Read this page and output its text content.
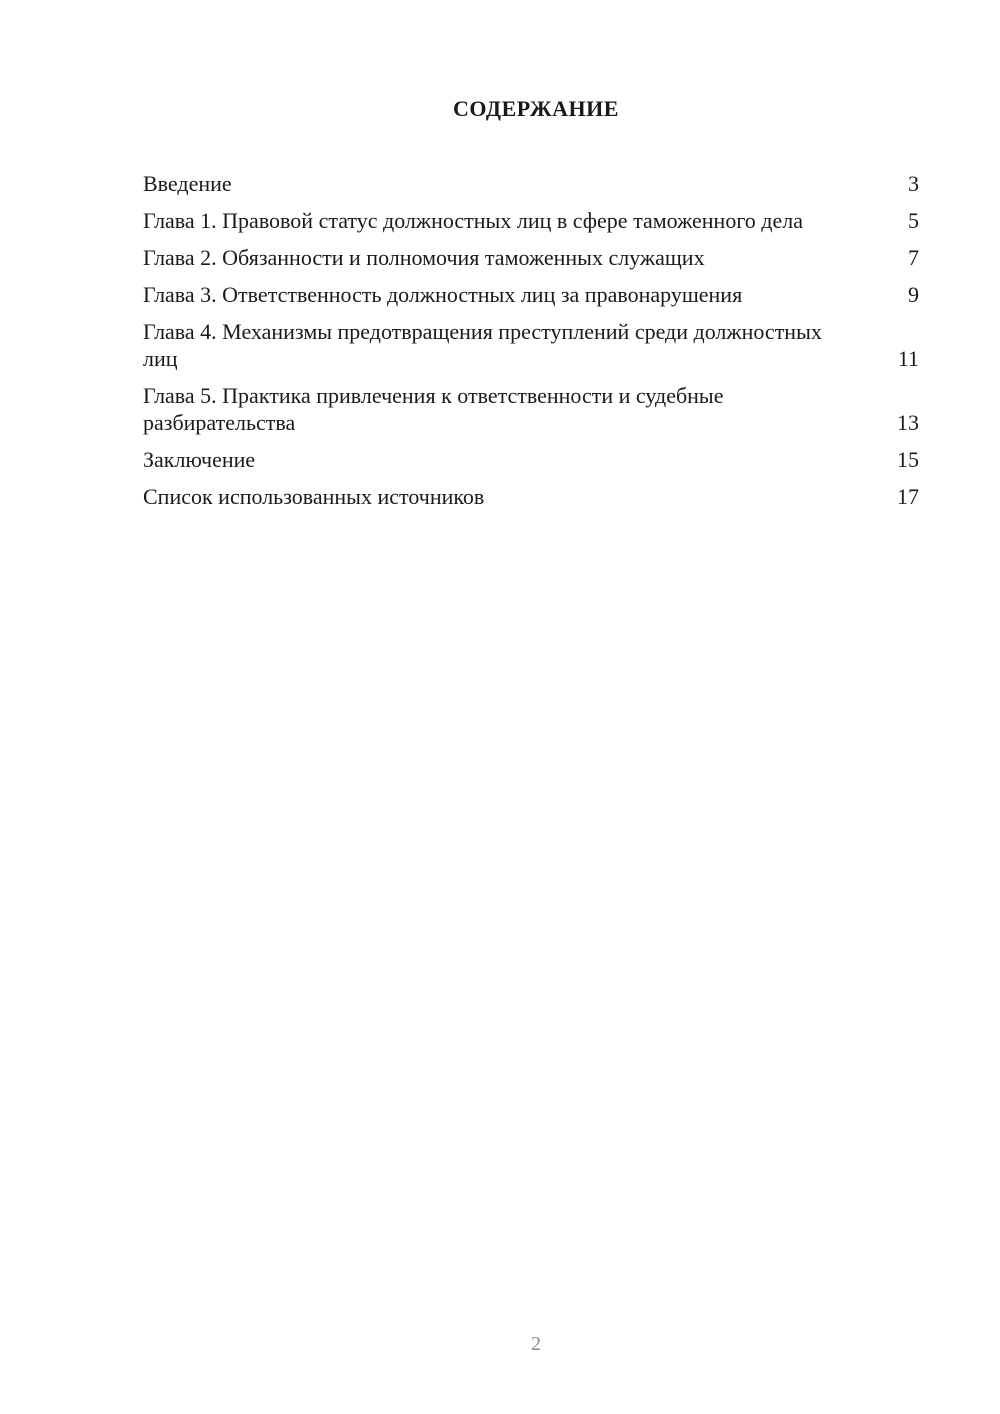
СОДЕРЖАНИЕ
Введение	3
Глава 1. Правовой статус должностных лиц в сфере таможенного дела	5
Глава 2. Обязанности и полномочия таможенных служащих	7
Глава 3. Ответственность должностных лиц за правонарушения	9
Глава 4. Механизмы предотвращения преступлений среди должностных лиц	11
Глава 5. Практика привлечения к ответственности и судебные разбирательства	13
Заключение	15
Список использованных источников	17
2
